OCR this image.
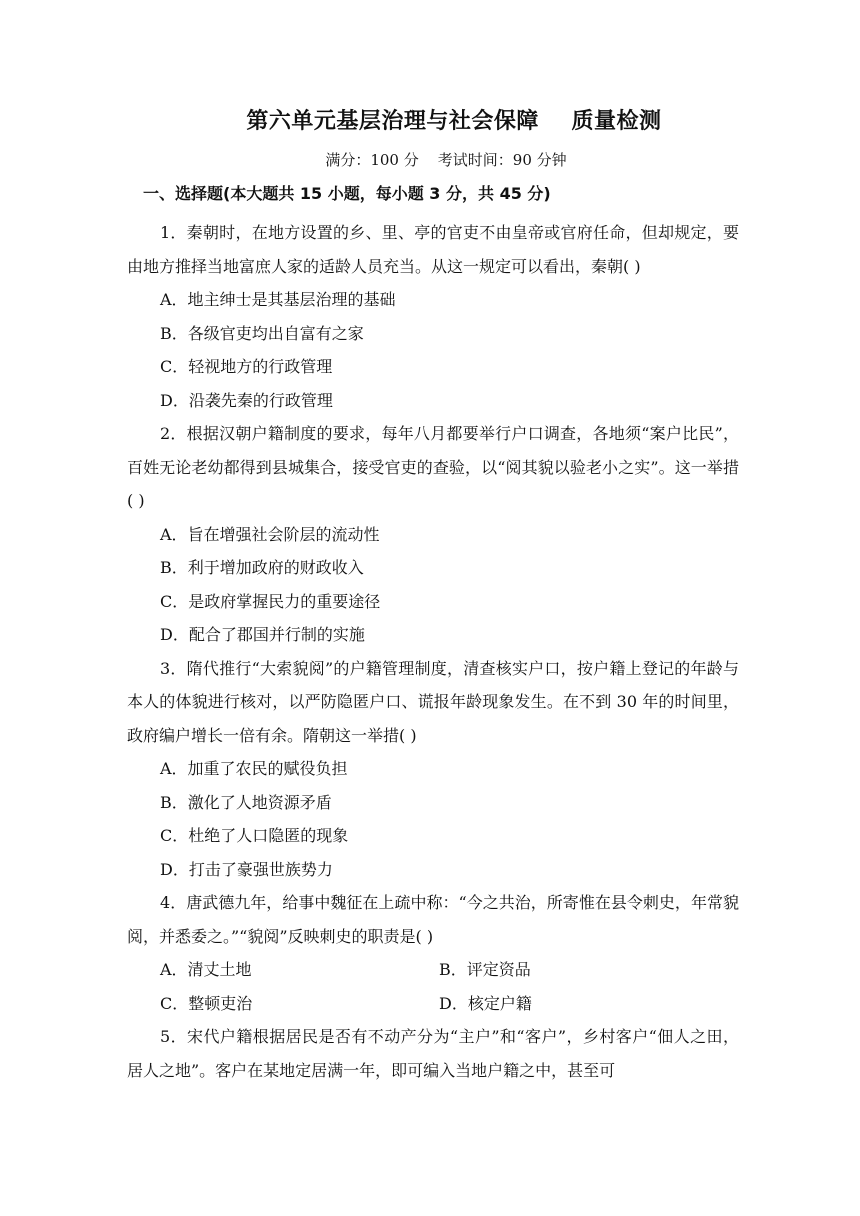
第六单元基层治理与社会保障    质量检测
满分：100 分    考试时间：90 分钟
一、选择题(本大题共 15 小题，每小题 3 分，共 45 分)
1．秦朝时，在地方设置的乡、里、亭的官吏不由皇帝或官府任命，但却规定，要由地方推择当地富庶人家的适龄人员充当。从这一规定可以看出，秦朝( )
A．地主绅士是其基层治理的基础
B．各级官吏均出自富有之家
C．轻视地方的行政管理
D．沿袭先秦的行政管理
2．根据汉朝户籍制度的要求，每年八月都要举行户口调查，各地须“案户比民”，百姓无论老幼都得到县城集合，接受官吏的查验，以“阅其貌以验老小之实”。这一举措( )
A．旨在增强社会阶层的流动性
B．利于增加政府的财政收入
C．是政府掌握民力的重要途径
D．配合了郡国并行制的实施
3．隋代推行“大索貌阅”的户籍管理制度，清查核实户口，按户籍上登记的年龄与本人的体貌进行核对，以严防隐匿户口、谎报年龄现象发生。在不到 30 年的时间里，政府编户增长一倍有余。隋朝这一举措( )
A．加重了农民的赋役负担
B．激化了人地资源矛盾
C．杜绝了人口隐匿的现象
D．打击了豪强世族势力
4．唐武德九年，给事中魏征在上疏中称：“今之共治，所寄惟在县令刺史，年常貌阅，并悉委之。”“貌阅”反映刺史的职责是( )
A．清丈土地	B．评定资品
C．整顿吏治	D．核定户籍
5．宋代户籍根据居民是否有不动产分为“主户”和“客户”，乡村客户“佃人之田，居人之地”。客户在某地定居满一年，即可编入当地户籍之中，甚至可
